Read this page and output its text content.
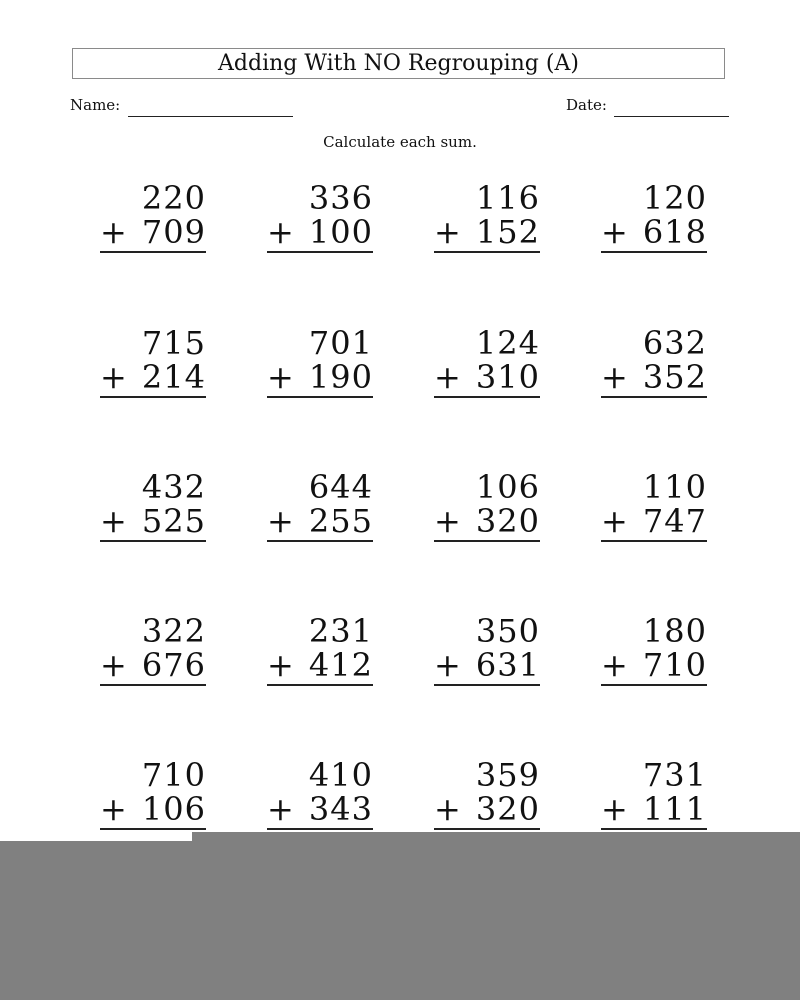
Adding With NO Regrouping (A)
Name:	Date:
Calculate each sum.
220
+ 709
336
+ 100
116
+ 152
120
+ 618
715
+ 214
701
+ 190
124
+ 310
632
+ 352
432
+ 525
644
+ 255
106
+ 320
110
+ 747
322
+ 676
231
+ 412
350
+ 631
180
+ 710
710
+ 106
410
+ 343
359
+ 320
731
+ 111
